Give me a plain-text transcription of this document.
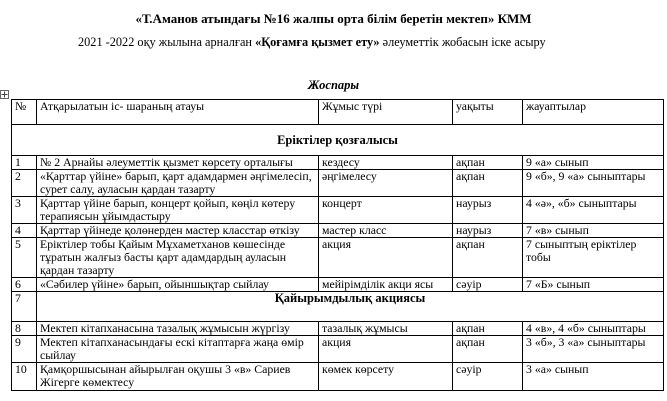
«Т.Аманов атындағы №16 жалпы орта білім беретін мектеп» КММ
2021 -2022 оқу жылына арналған «Қоғамға қызмет ету» әлеуметтік жобасын іске асыру
Жоспары
№	Атқарылатын іс- шараның атауы	Жұмыс түрі	уақыты	жауаптылар
Еріктілер қозғалысы				
1	№ 2 Арнайы әлеуметтік қызмет көрсету орталығы	кездесу	ақпан	9 «а» сынып
2	«Қарттар үйіне» барып, қарт адамдармен әңгімелесіп, сурет салу, ауласын қардан тазарту	әңгімелесу	ақпан	9 «б», 9 «а» сыныптары
3	Қарттар үйіне барып, концерт қойып, көңіл көтеру терапиясын ұйымдастыру	концерт	наурыз	4 «ә», «б» сыныптары
4	Қарттар үйінеде қолөнерден мастер класстар өткізу	мастер класс	наурыз	7 «в» сынып
5	Еріктілер тобы Қайым Мұхаметханов көшесінде тұратын жалғыз басты қарт адамдардың ауласын қардан тазарту	акция	ақпан	7 сыныптың еріктілер тобы
6	«Сәбилер үйіне» барып, ойыншықтар сыйлау	мейірімділік акци ясы	сәуір	7 «Б» сынып
7	Қайырымдылық акциясы			
8	Мектеп кітапханасына тазалық жұмысын жүргізу	тазалық жұмысы	ақпан	4 «в», 4 «б» сыныптары
9	Мектеп кітапханасындағы ескі кітаптарға жаңа өмір сыйлау	акция	ақпан	3 «б», 3 «а» сыныптары
10	Қамқоршысынан айырылған оқушы 3 «в» Сариев Жігерге көмектесу	көмек көрсету	сәуір	3 «а» сынып
